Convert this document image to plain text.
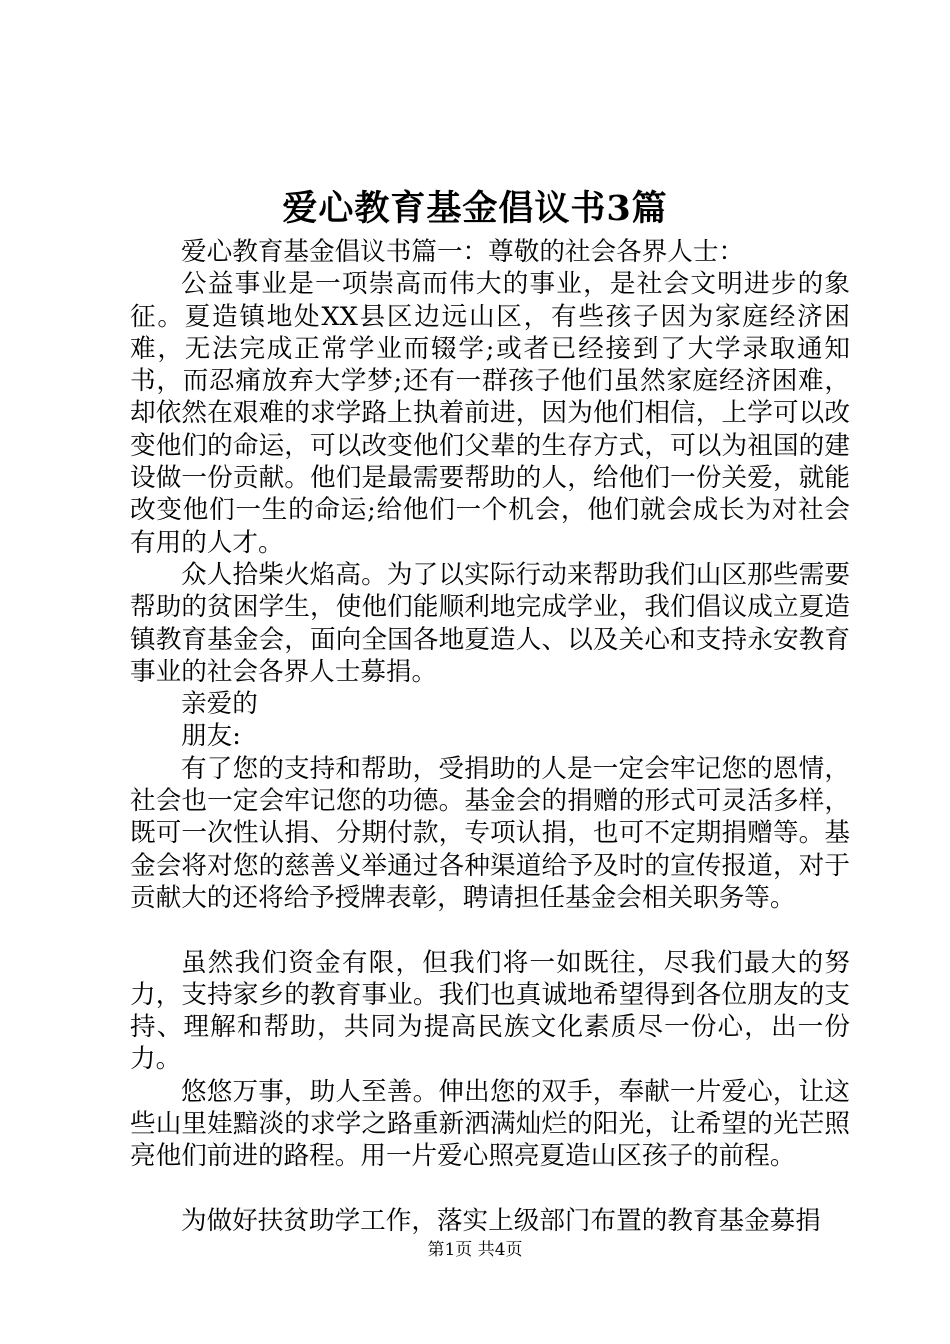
爱心教育基金倡议书3篇

爱心教育基金倡议书篇一：尊敬的社会各界人士：

公益事业是一项崇高而伟大的事业，是社会文明进步的象征。夏造镇地处XX县区边远山区，有些孩子因为家庭经济困难，无法完成正常学业而辍学;或者已经接到了大学录取通知书，而忍痛放弃大学梦;还有一群孩子他们虽然家庭经济困难，却依然在艰难的求学路上执着前进，因为他们相信，上学可以改变他们的命运，可以改变他们父辈的生存方式，可以为祖国的建设做一份贡献。他们是最需要帮助的人，给他们一份关爱，就能改变他们一生的命运;给他们一个机会，他们就会成长为对社会有用的人才。

众人拾柴火焰高。为了以实际行动来帮助我们山区那些需要帮助的贫困学生，使他们能顺利地完成学业，我们倡议成立夏造镇教育基金会，面向全国各地夏造人、以及关心和支持永安教育事业的社会各界人士募捐。

亲爱的

朋友:

有了您的支持和帮助，受捐助的人是一定会牢记您的恩情，社会也一定会牢记您的功德。基金会的捐赠的形式可灵活多样，既可一次性认捐、分期付款，专项认捐，也可不定期捐赠等。基金会将对您的慈善义举通过各种渠道给予及时的宣传报道，对于贡献大的还将给予授牌表彰，聘请担任基金会相关职务等。

虽然我们资金有限，但我们将一如既往，尽我们最大的努力，支持家乡的教育事业。我们也真诚地希望得到各位朋友的支持、理解和帮助，共同为提高民族文化素质尽一份心，出一份力。

悠悠万事，助人至善。伸出您的双手，奉献一片爱心，让这些山里娃黯淡的求学之路重新洒满灿烂的阳光，让希望的光芒照亮他们前进的路程。用一片爱心照亮夏造山区孩子的前程。

为做好扶贫助学工作，落实上级部门布置的教育基金募捐

第1页 共4页
